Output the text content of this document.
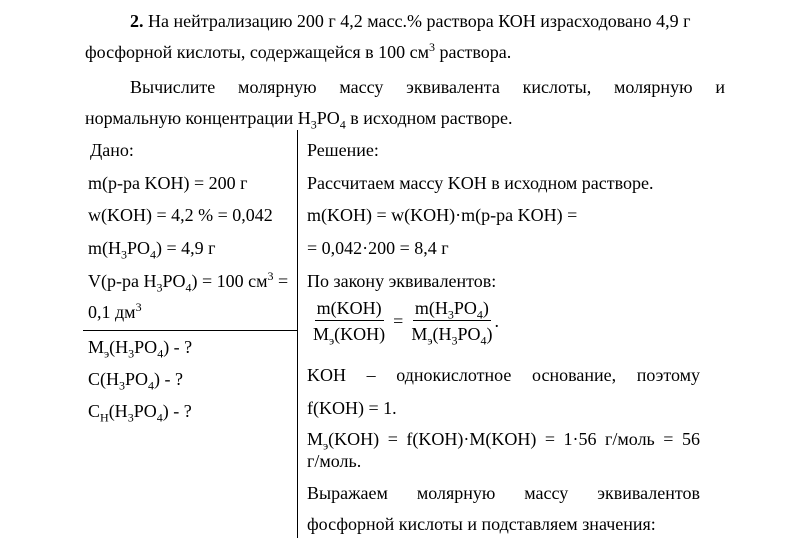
2. На нейтрализацию 200 г 4,2 масс.% раствора КОН израсходовано 4,9 г
фосфорной кислоты, содержащейся в 100 $см^3$ раствора.
Вычислите молярную массу эквивалента кислоты, молярную и
нормальную концентрации $H_3PO_4$ в исходном растворе.
Дано:
m(р-ра KOH) = 200 г
w(KOH) = 4,2 % = 0,042
$m(H_3PO_4) = 4,9$ г
V(р-ра $H_3PO_4) = 100$ $см^3$ =
0,1 $дм^3$
$M_э(H_3PO_4)$ - ?
$C(H_3PO_4)$ - ?
$C_H(H_3PO_4)$ - ?
Решение:
Рассчитаем массу KOH в исходном растворе.
m(KOH) = w(KOH)·m(р-ра KOH) =
= 0,042·200 = 8,4 г
По закону эквивалентов:
$\frac{\text{m(KOH)}}{M_э(KOH)} = \frac{m(H_3PO_4)}{M_э(H_3PO_4)}$ .
KOH – однокислотное основание, поэтому
f(KOH) = 1.
$M_э(KOH) = f(KOH)\cdot M(KOH) = 1\cdot 56$ г/моль = 56
г/моль.
Выражаем молярную массу эквивалентов
фосфорной кислоты и подставляем значения:
